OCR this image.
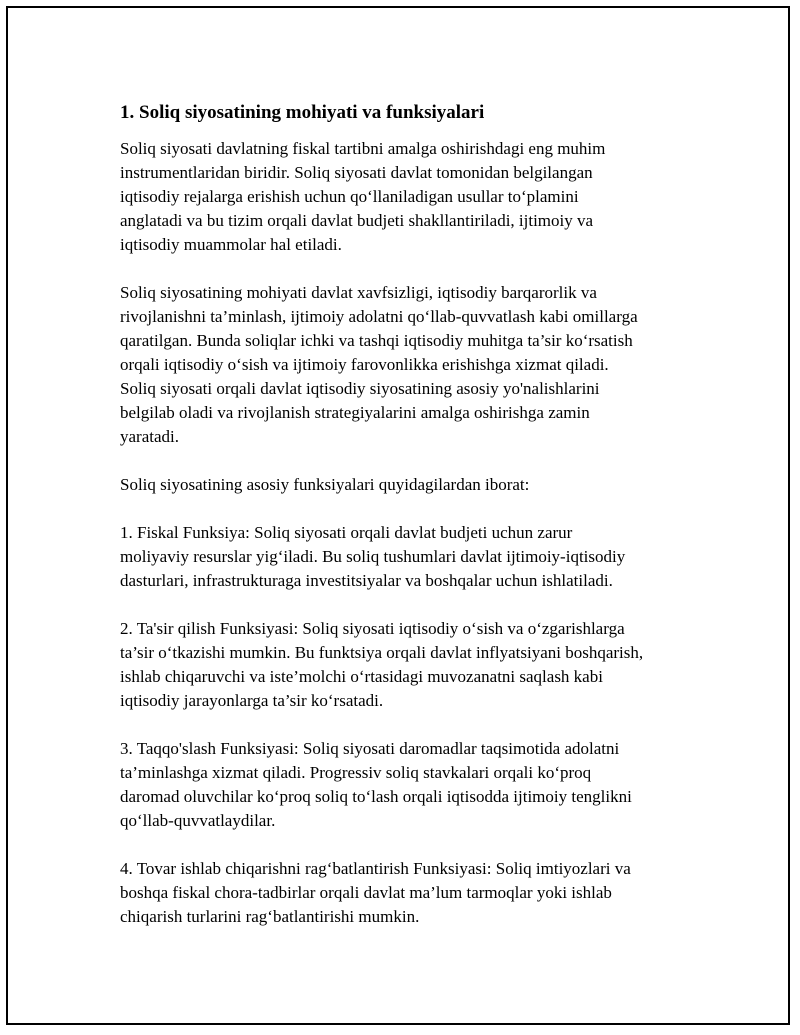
1. Soliq siyosatining mohiyati va funksiyalari

Soliq siyosati davlatning fiskal tartibni amalga oshirishdagi eng muhim
instrumentlaridan biridir. Soliq siyosati davlat tomonidan belgilangan
iqtisodiy rejalarga erishish uchun qo‘llaniladigan usullar to‘plamini
anglatadi va bu tizim orqali davlat budjeti shakllantiriladi, ijtimoiy va
iqtisodiy muammolar hal etiladi.

Soliq siyosatining mohiyati davlat xavfsizligi, iqtisodiy barqarorlik va
rivojlanishni ta’minlash, ijtimoiy adolatni qo‘llab-quvvatlash kabi omillarga
qaratilgan. Bunda soliqlar ichki va tashqi iqtisodiy muhitga ta’sir ko‘rsatish
orqali iqtisodiy o‘sish va ijtimoiy farovonlikka erishishga xizmat qiladi.
Soliq siyosati orqali davlat iqtisodiy siyosatining asosiy yo'nalishlarini
belgilab oladi va rivojlanish strategiyalarini amalga oshirishga zamin
yaratadi.

Soliq siyosatining asosiy funksiyalari quyidagilardan iborat:

1. Fiskal Funksiya: Soliq siyosati orqali davlat budjeti uchun zarur
moliyaviy resurslar yig‘iladi. Bu soliq tushumlari davlat ijtimoiy-iqtisodiy
dasturlari, infrastrukturaga investitsiyalar va boshqalar uchun ishlatiladi.

2. Ta'sir qilish Funksiyasi: Soliq siyosati iqtisodiy o‘sish va o‘zgarishlarga
ta’sir o‘tkazishi mumkin. Bu funktsiya orqali davlat inflyatsiyani boshqarish,
ishlab chiqaruvchi va iste’molchi o‘rtasidagi muvozanatni saqlash kabi
iqtisodiy jarayonlarga ta’sir ko‘rsatadi.

3. Taqqo'slash Funksiyasi: Soliq siyosati daromadlar taqsimotida adolatni
ta’minlashga xizmat qiladi. Progressiv soliq stavkalari orqali ko‘proq
daromad oluvchilar ko‘proq soliq to‘lash orqali iqtisodda ijtimoiy tenglikni
qo‘llab-quvvatlaydilar.

4. Tovar ishlab chiqarishni rag‘batlantirish Funksiyasi: Soliq imtiyozlari va
boshqa fiskal chora-tadbirlar orqali davlat ma’lum tarmoqlar yoki ishlab
chiqarish turlarini rag‘batlantirishi mumkin.
